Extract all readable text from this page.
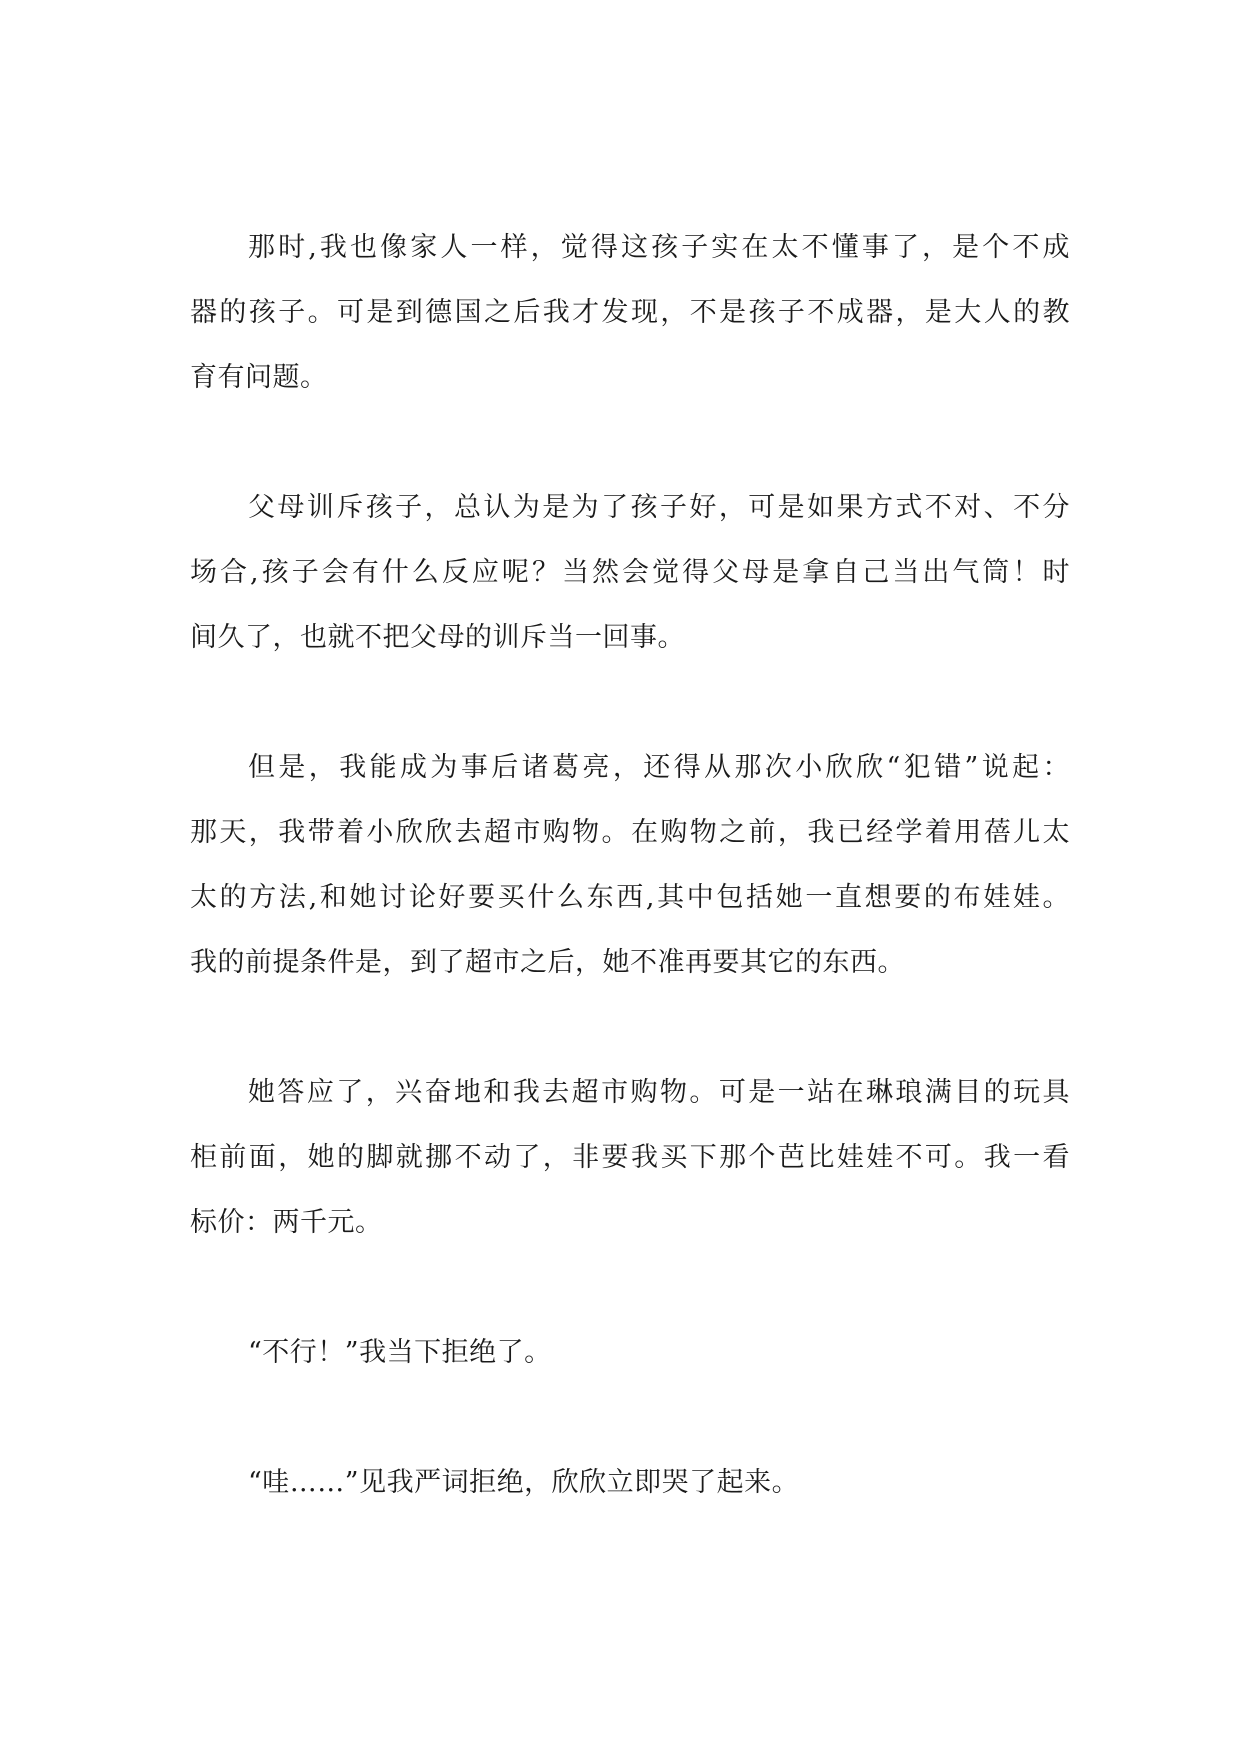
那时,我也像家人一样，觉得这孩子实在太不懂事了，是个不成
器的孩子。可是到德国之后我才发现，不是孩子不成器，是大人的教
育有问题。
父母训斥孩子，总认为是为了孩子好，可是如果方式不对、不分
场合,孩子会有什么反应呢？当然会觉得父母是拿自己当出气筒！时
间久了，也就不把父母的训斥当一回事。
但是，我能成为事后诸葛亮，还得从那次小欣欣“犯错”说起：
那天，我带着小欣欣去超市购物。在购物之前，我已经学着用蓓儿太
太的方法,和她讨论好要买什么东西,其中包括她一直想要的布娃娃。
我的前提条件是，到了超市之后，她不准再要其它的东西。
她答应了，兴奋地和我去超市购物。可是一站在琳琅满目的玩具
柜前面，她的脚就挪不动了，非要我买下那个芭比娃娃不可。我一看
标价：两千元。
“不行！”我当下拒绝了。
“哇……”见我严词拒绝，欣欣立即哭了起来。
